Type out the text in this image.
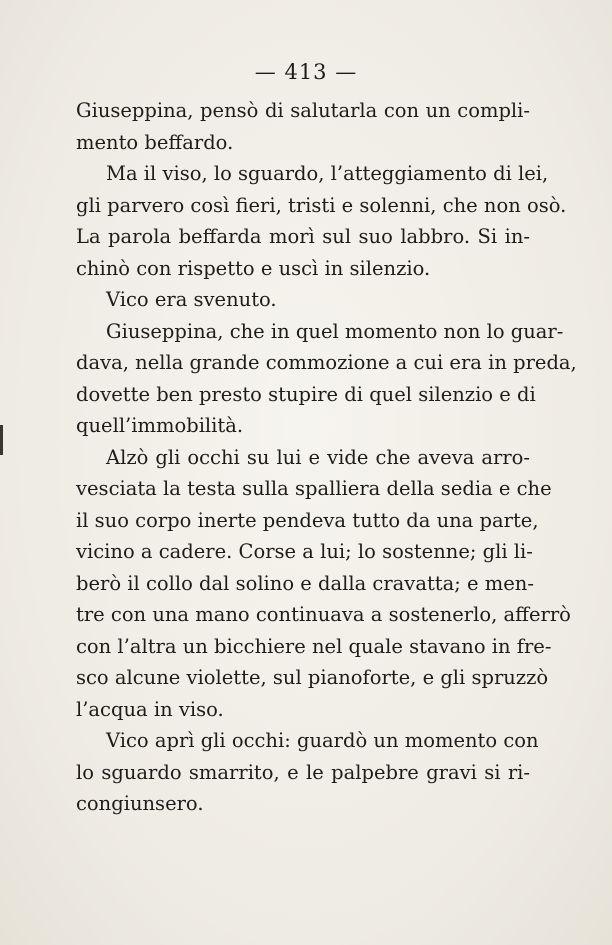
— 413 —
Giuseppina, pensò di salutarla con un compli-
mento beffardo.
Ma il viso, lo sguardo, l’atteggiamento di lei,
gli parvero così fieri, tristi e solenni, che non osò.
La parola beffarda morì sul suo labbro. Si in-
chinò con rispetto e uscì in silenzio.
Vico era svenuto.
Giuseppina, che in quel momento non lo guar-
dava, nella grande commozione a cui era in preda,
dovette ben presto stupire di quel silenzio e di
quell’immobilità.
Alzò gli occhi su lui e vide che aveva arro-
vesciata la testa sulla spalliera della sedia e che
il suo corpo inerte pendeva tutto da una parte,
vicino a cadere. Corse a lui; lo sostenne; gli li-
berò il collo dal solino e dalla cravatta; e men-
tre con una mano continuava a sostenerlo, afferrò
con l’altra un bicchiere nel quale stavano in fre-
sco alcune violette, sul pianoforte, e gli spruzzò
l’acqua in viso.
Vico aprì gli occhi: guardò un momento con
lo sguardo smarrito, e le palpebre gravi si ri-
congiunsero.
